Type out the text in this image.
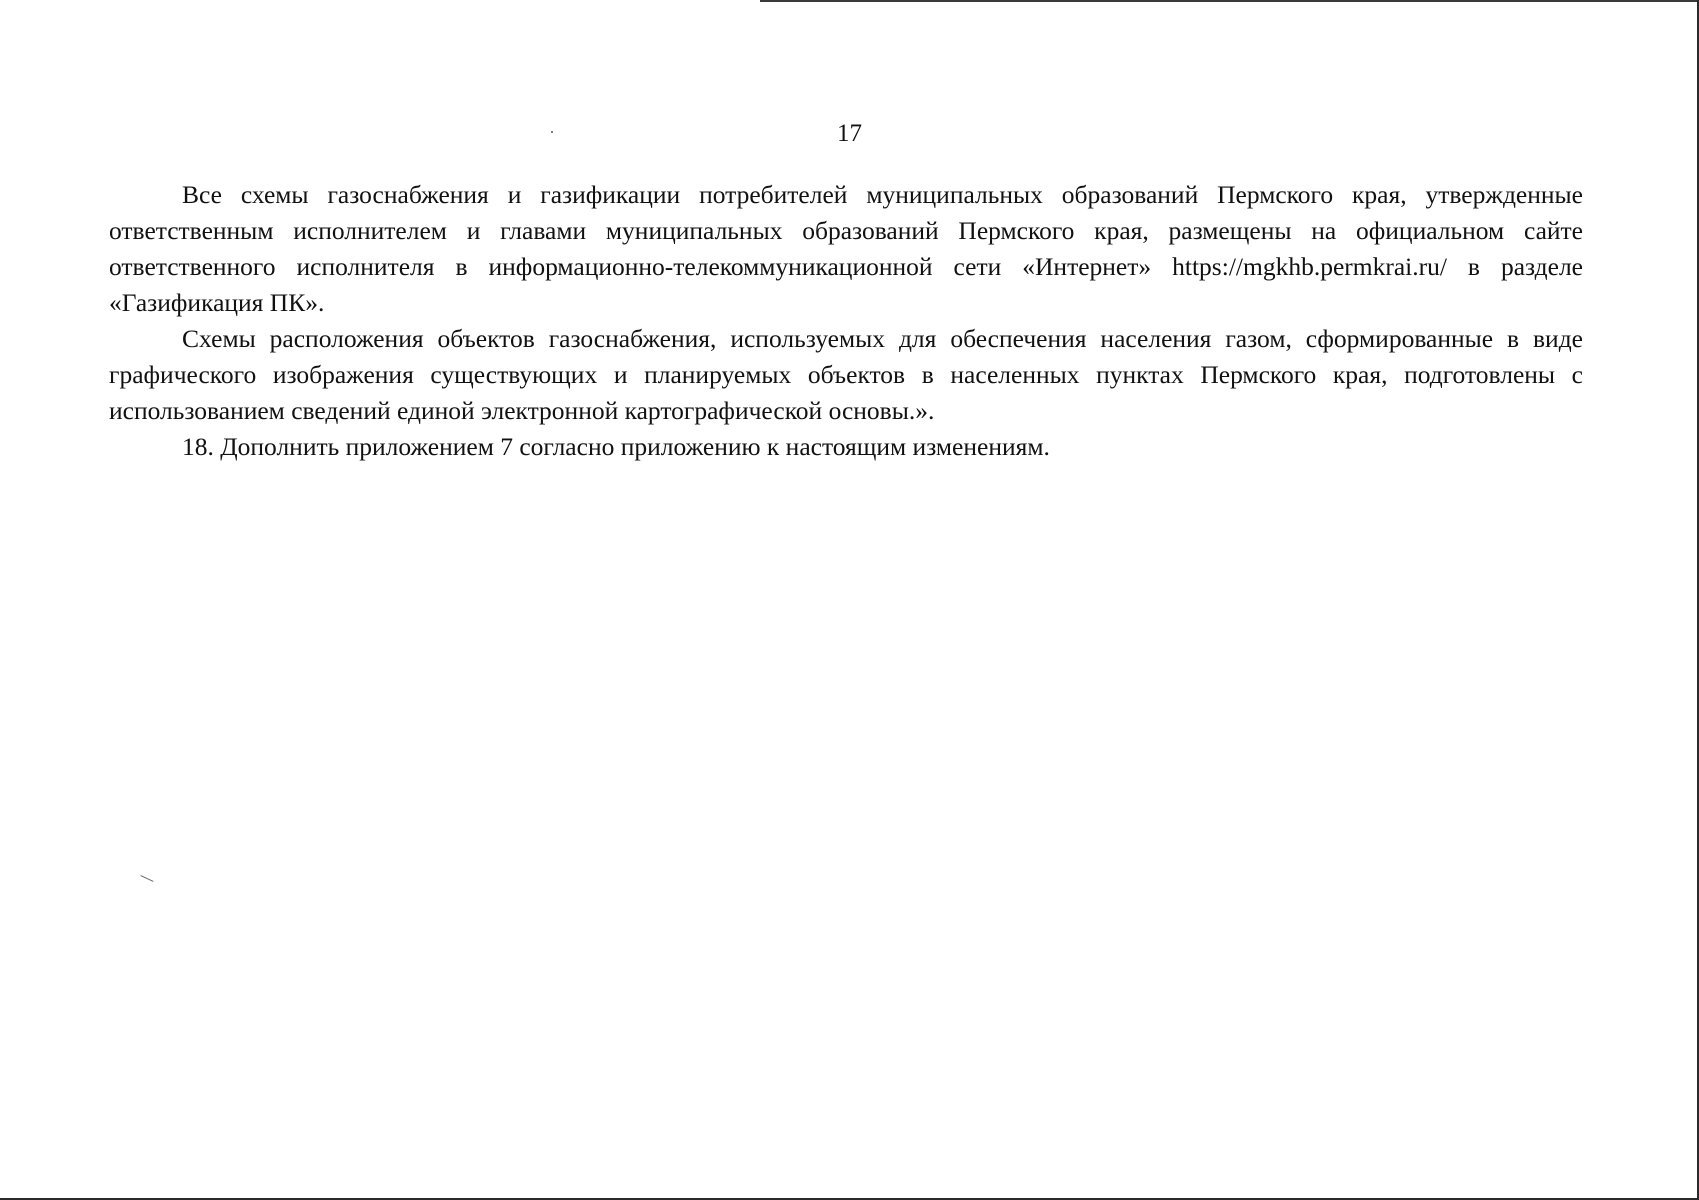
17

Все схемы газоснабжения и газификации потребителей муниципальных образований Пермского края, утвержденные ответственным исполнителем и главами муниципальных образований Пермского края, размещены на официальном сайте ответственного исполнителя в информационно-телекоммуникационной сети «Интернет» https://mgkhb.permkrai.ru/ в разделе «Газификация ПК».

Схемы расположения объектов газоснабжения, используемых для обеспечения населения газом, сформированные в виде графического изображения существующих и планируемых объектов в населенных пунктах Пермского края, подготовлены с использованием сведений единой электронной картографической основы.».

18. Дополнить приложением 7 согласно приложению к настоящим изменениям.
